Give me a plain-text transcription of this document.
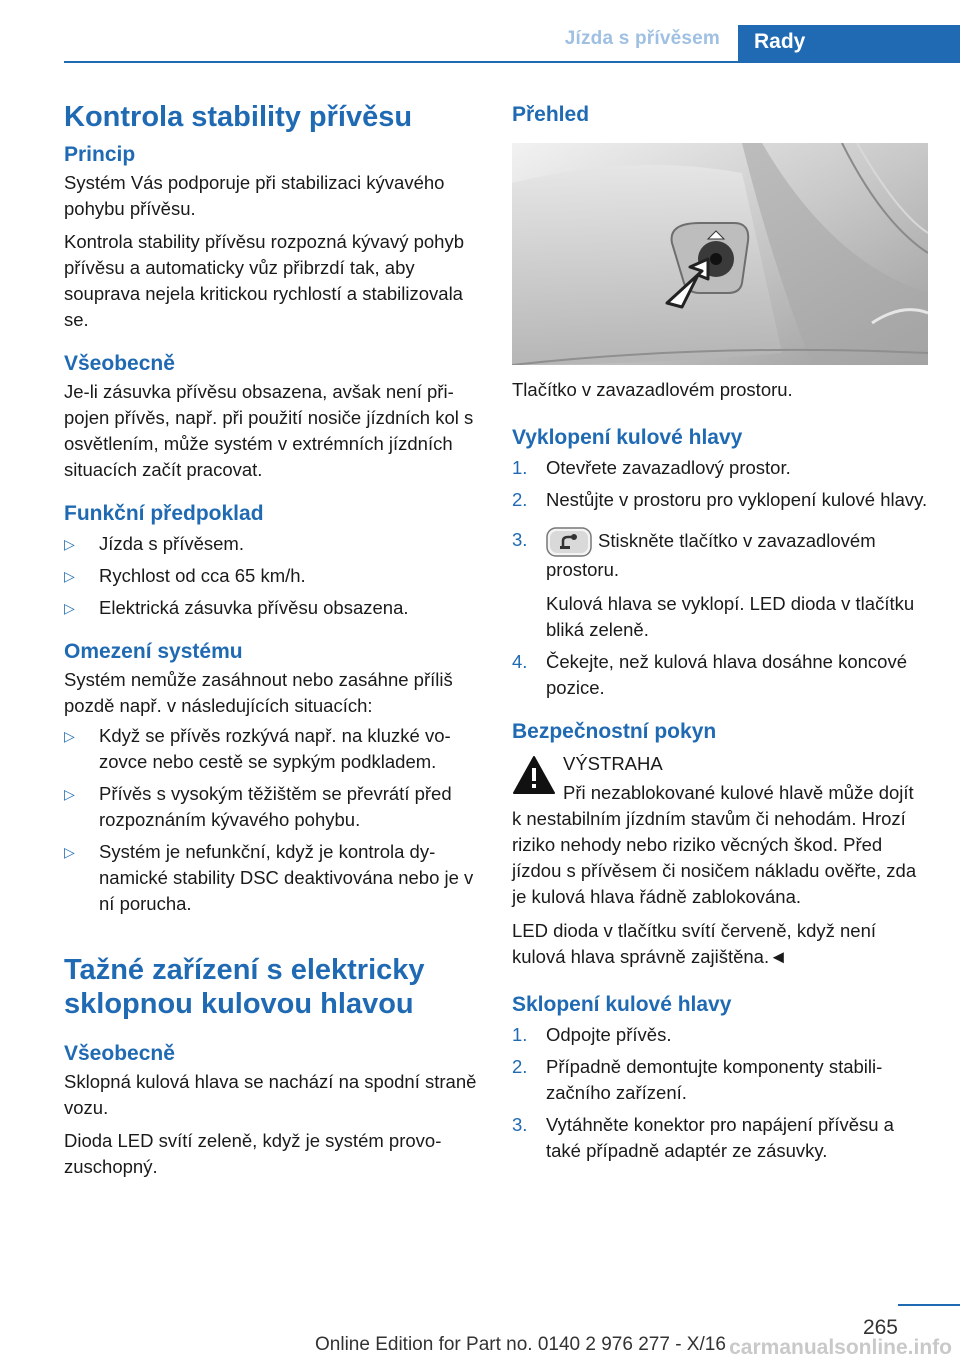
Jízda s přívěsem	Rady
Kontrola stability přívěsu
Princip
Systém Vás podporuje při stabilizaci kývavého pohybu přívěsu.
Kontrola stability přívěsu rozpozná kývavý pohyb přívěsu a automaticky vůz přibrzdí tak, aby souprava nejela kritickou rychlostí a stabilizovala se.
Všeobecně
Je-li zásuvka přívěsu obsazena, avšak není připojen přívěs, např. při použití nosiče jízdních kol s osvětlením, může systém v extrémních jízdních situacích začít pracovat.
Funkční předpoklad
▷ Jízda s přívěsem.
▷ Rychlost od cca 65 km/h.
▷ Elektrická zásuvka přívěsu obsazena.
Omezení systému
Systém nemůže zasáhnout nebo zasáhne příliš pozdě např. v následujících situacích:
▷ Když se přívěs rozkývá např. na kluzké vozovce nebo cestě se sypkým podkladem.
▷ Přívěs s vysokým těžištěm se převrátí před rozpoznáním kývavého pohybu.
▷ Systém je nefunkční, když je kontrola dynamické stability DSC deaktivována nebo je v ní porucha.
Tažné zařízení s elektricky sklopnou kulovou hlavou
Všeobecně
Sklopná kulová hlava se nachází na spodní straně vozu.
Dioda LED svítí zeleně, když je systém provozuschopný.
Přehled
Tlačítko v zavazadlovém prostoru.
Vyklopení kulové hlavy
1. Otevřete zavazadlový prostor.
2. Nestůjte v prostoru pro vyklopení kulové hlavy.
3.	Stiskněte tlačítko v zavazadlovém prostoru.
Kulová hlava se vyklopí. LED dioda v tlačítku bliká zeleně.
4. Čekejte, než kulová hlava dosáhne koncové pozice.
Bezpečnostní pokyn
VÝSTRAHA
Při nezablokované kulové hlavě může dojít k nestabilním jízdním stavům či nehodám. Hrozí riziko nehody nebo riziko věcných škod. Před jízdou s přívěsem či nosičem nákladu ověřte, zda je kulová hlava řádně zablokována.
LED dioda v tlačítku svítí červeně, když není kulová hlava správně zajištěna.◄
Sklopení kulové hlavy
1. Odpojte přívěs.
2. Případně demontujte komponenty stabilizačního zařízení.
3. Vytáhněte konektor pro napájení přívěsu a také případně adaptér ze zásuvky.
265
Online Edition for Part no. 0140 2 976 277 - X/16 carmanualsonline.info
